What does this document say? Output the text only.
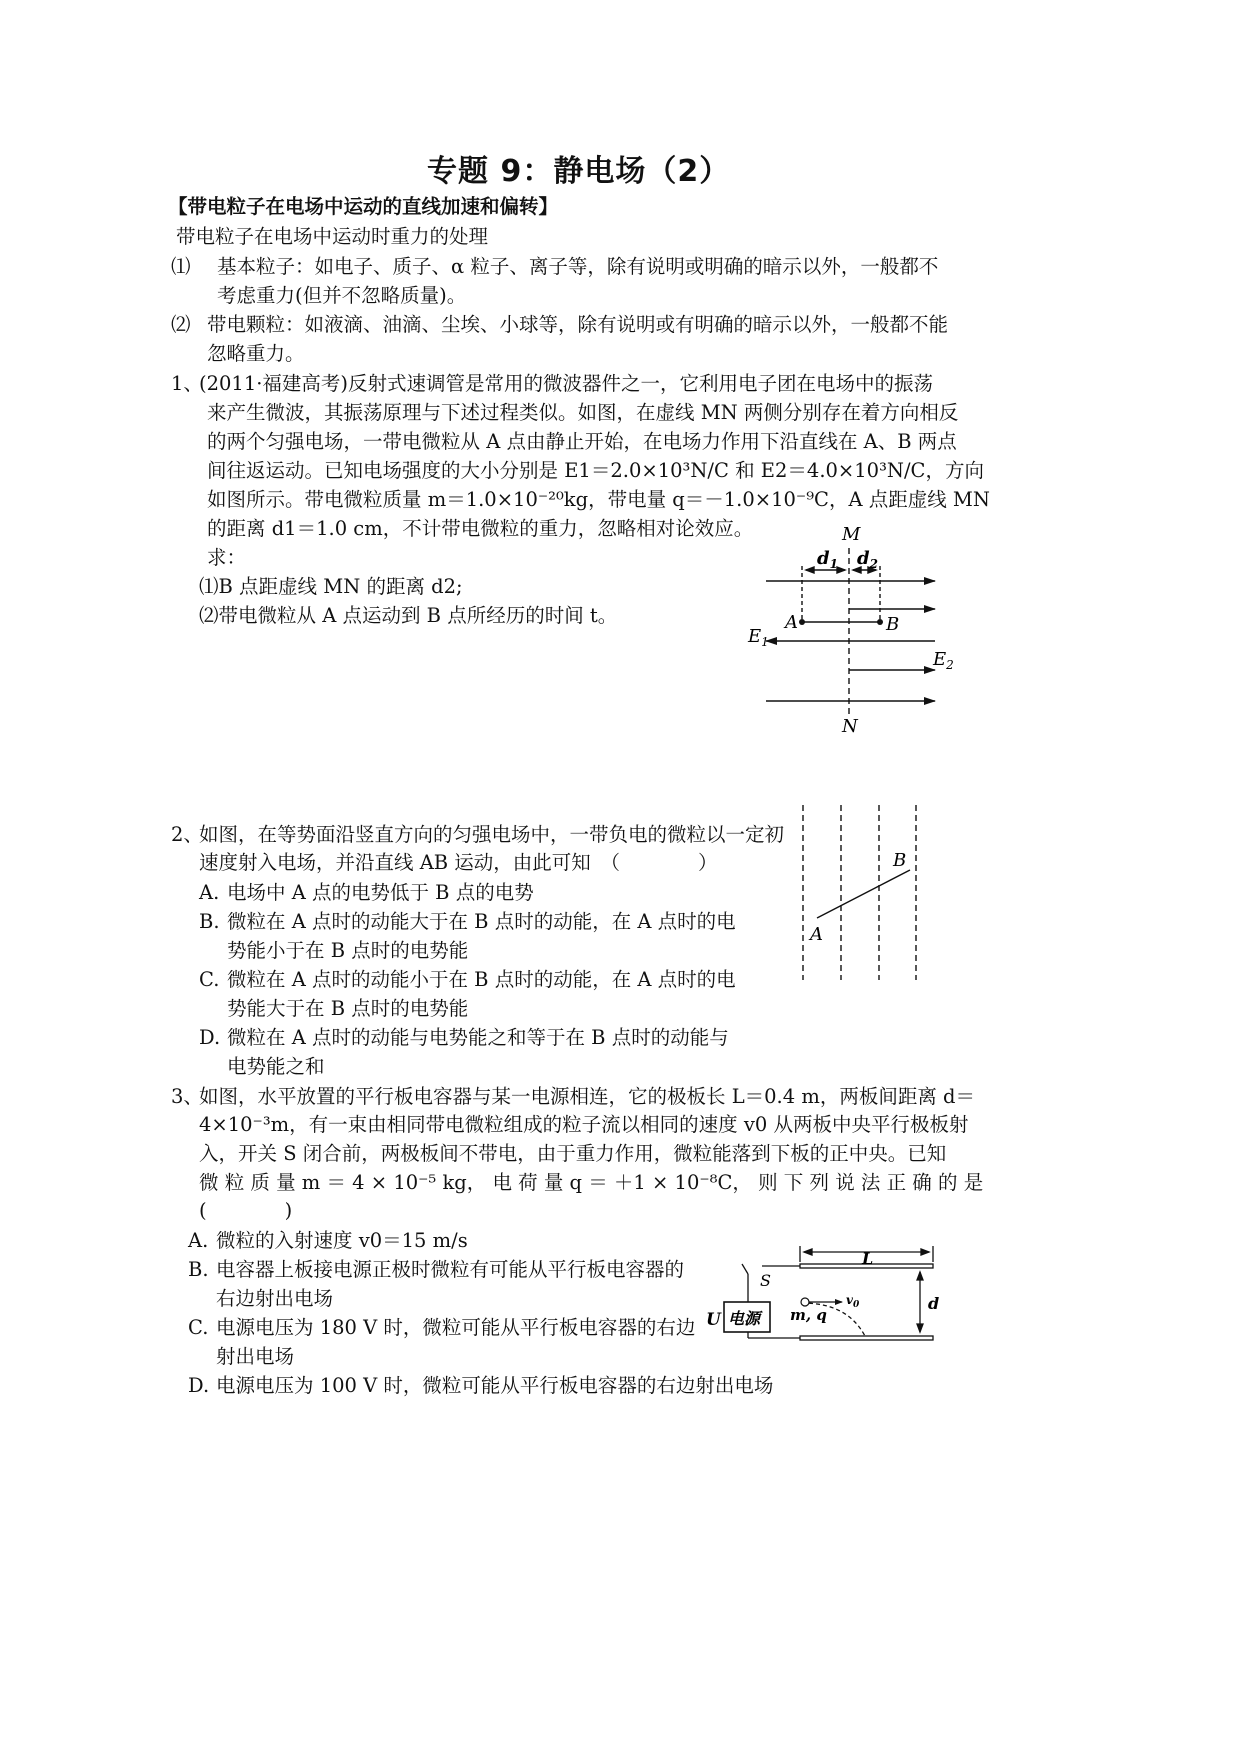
专题 9：静电场（2）
【带电粒子在电场中运动的直线加速和偏转】
带电粒子在电场中运动时重力的处理
⑴ 基本粒子：如电子、质子、α 粒子、离子等，除有说明或明确的暗示以外，一般都不
考虑重力(但并不忽略质量)。
⑵ 带电颗粒：如液滴、油滴、尘埃、小球等，除有说明或有明确的暗示以外，一般都不能
忽略重力。
1、
(2011·福建高考)反射式速调管是常用的微波器件之一，它利用电子团在电场中的振荡
来产生微波，其振荡原理与下述过程类似。如图，在虚线 MN 两侧分别存在着方向相反
的两个匀强电场，一带电微粒从 A 点由静止开始，在电场力作用下沿直线在 A、B 两点
间往返运动。已知电场强度的大小分别是 E1＝2.0×10³N/C 和 E2＝4.0×10³N/C，方向
如图所示。带电微粒质量 m＝1.0×10⁻²⁰kg，带电量 q＝－1.0×10⁻⁹C，A 点距虚线 MN
的距离 d1＝1.0 cm，不计带电微粒的重力，忽略相对论效应。
求：
⑴B 点距虚线 MN 的距离 d2;
⑵带电微粒从 A 点运动到 B 点所经历的时间 t。
M
N
$d_1$ $d_2$
A	B
$E_1$
$E_2$
2、
如图，在等势面沿竖直方向的匀强电场中，一带负电的微粒以一定初
速度射入电场，并沿直线 AB 运动，由此可知　（　　　　）
A. 电场中 A 点的电势低于 B 点的电势
B. 微粒在 A 点时的动能大于在 B 点时的动能，在 A 点时的电
势能小于在 B 点时的电势能
C. 微粒在 A 点时的动能小于在 B 点时的动能，在 A 点时的电
势能大于在 B 点时的电势能
D. 微粒在 A 点时的动能与电势能之和等于在 B 点时的动能与
电势能之和
A
B
3、
如图，水平放置的平行板电容器与某一电源相连，它的极板长 L＝0.4 m，两板间距离 d＝
4×10⁻³m，有一束由相同带电微粒组成的粒子流以相同的速度 v0 从两板中央平行极板射
入，开关 S 闭合前，两极板间不带电，由于重力作用，微粒能落到下板的正中央。已知
微 粒 质 量 m ＝ 4 × 10⁻⁵ kg， 电 荷 量 q ＝ ＋1 × 10⁻⁸C， 则 下 列 说 法 正 确 的 是
(　　　　)
A. 微粒的入射速度 v0＝15 m/s
B. 电容器上板接电源正极时微粒有可能从平行板电容器的
右边射出电场
C. 电源电压为 180 V 时，微粒可能从平行板电容器的右边
射出电场
D. 电源电压为 100 V 时，微粒可能从平行板电容器的右边射出电场
L
S
U 电源
$v_0$
m, q
d
